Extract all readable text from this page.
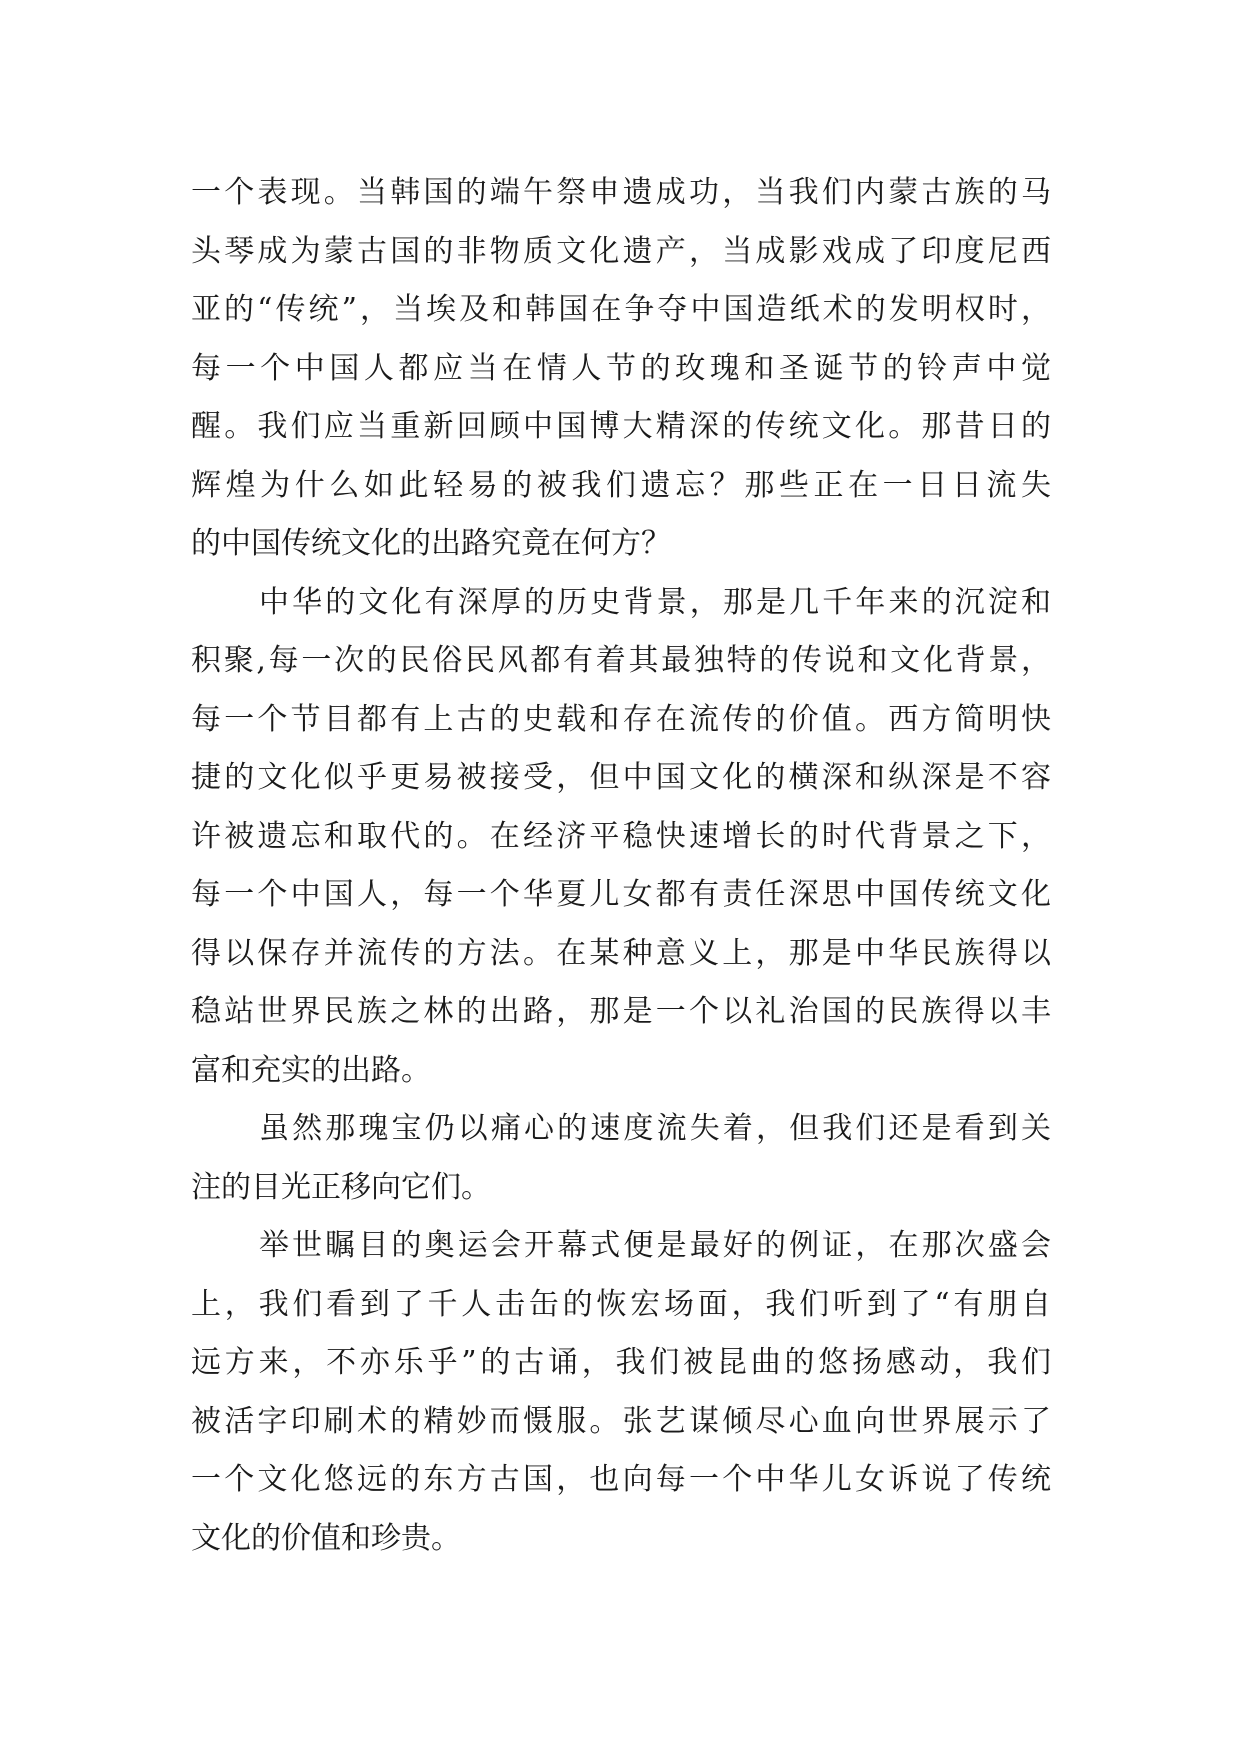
一个表现。当韩国的端午祭申遗成功，当我们内蒙古族的马
头琴成为蒙古国的非物质文化遗产，当成影戏成了印度尼西
亚的“传统”，当埃及和韩国在争夺中国造纸术的发明权时，
每一个中国人都应当在情人节的玫瑰和圣诞节的铃声中觉
醒。我们应当重新回顾中国博大精深的传统文化。那昔日的
辉煌为什么如此轻易的被我们遗忘？那些正在一日日流失
的中国传统文化的出路究竟在何方？
中华的文化有深厚的历史背景，那是几千年来的沉淀和
积聚,每一次的民俗民风都有着其最独特的传说和文化背景，
每一个节目都有上古的史载和存在流传的价值。西方简明快
捷的文化似乎更易被接受，但中国文化的横深和纵深是不容
许被遗忘和取代的。在经济平稳快速增长的时代背景之下，
每一个中国人，每一个华夏儿女都有责任深思中国传统文化
得以保存并流传的方法。在某种意义上，那是中华民族得以
稳站世界民族之林的出路，那是一个以礼治国的民族得以丰
富和充实的出路。
虽然那瑰宝仍以痛心的速度流失着，但我们还是看到关
注的目光正移向它们。
举世瞩目的奥运会开幕式便是最好的例证，在那次盛会
上，我们看到了千人击缶的恢宏场面，我们听到了“有朋自
远方来，不亦乐乎”的古诵，我们被昆曲的悠扬感动，我们
被活字印刷术的精妙而慑服。张艺谋倾尽心血向世界展示了
一个文化悠远的东方古国，也向每一个中华儿女诉说了传统
文化的价值和珍贵。
